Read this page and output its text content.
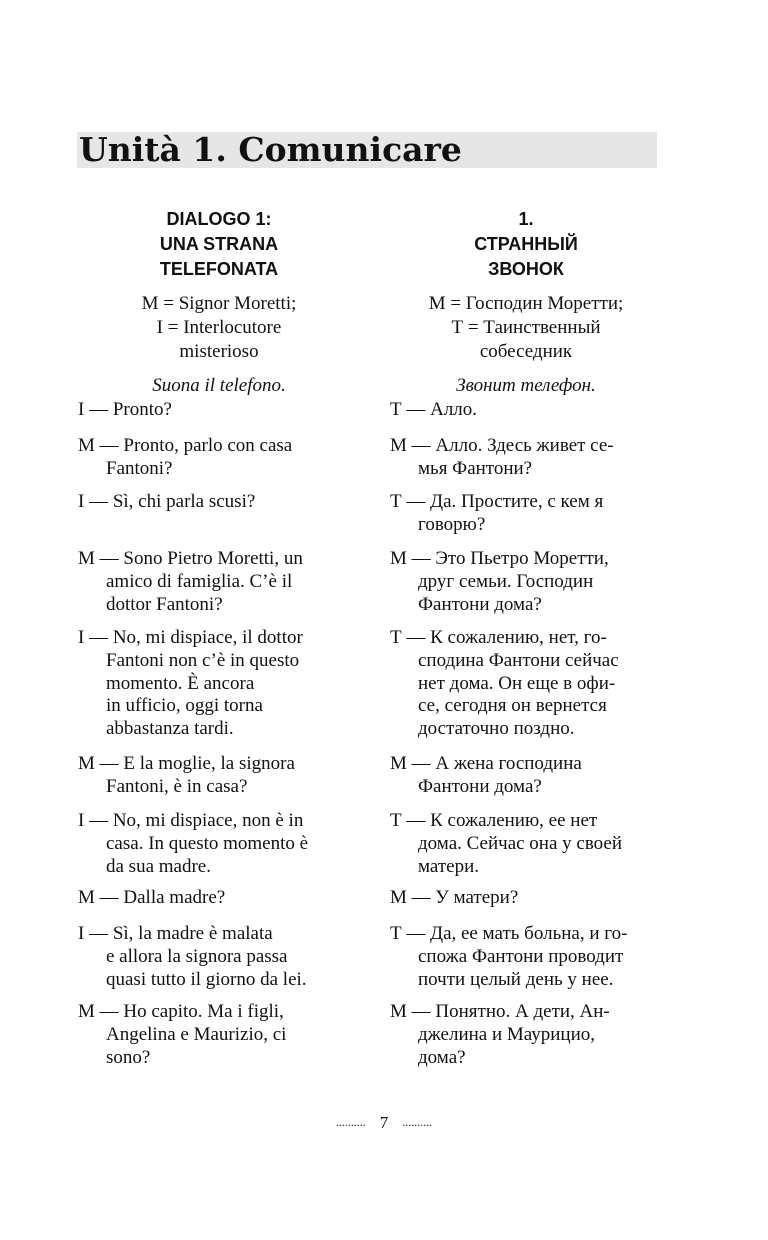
Unità 1. Comunicare
DIALOGO 1:
UNA STRANA
TELEFONATA
M = Signor Moretti;
I = Interlocutore
misterioso
Suona il telefono.
I — Pronto?
M — Pronto, parlo con casa
Fantoni?
I — Sì, chi parla scusi?
M — Sono Pietro Moretti, un
amico di famiglia. C’è il
dottor Fantoni?
I — No, mi dispiace, il dottor
Fantoni non c’è in questo
momento. È ancora
in ufficio, oggi torna
abbastanza tardi.
M — E la moglie, la signora
Fantoni, è in casa?
I — No, mi dispiace, non è in
casa. In questo momento è
da sua madre.
M — Dalla madre?
I — Sì, la madre è malata
e allora la signora passa
quasi tutto il giorno da lei.
M — Ho capito. Ma i figli,
Angelina e Maurizio, ci
sono?
1.
СТРАННЫЙ
ЗВОНОК
М = Господин Моретти;
Т = Таинственный
собеседник
Звонит телефон.
Т — Алло.
М — Алло. Здесь живет се-
мья Фантони?
Т — Да. Простите, с кем я
говорю?
М — Это Пьетро Моретти,
друг семьи. Господин
Фантони дома?
Т — К сожалению, нет, го-
сподина Фантони сейчас
нет дома. Он еще в офи-
се, сегодня он вернется
достаточно поздно.
М — А жена господина
Фантони дома?
Т — К сожалению, ее нет
дома. Сейчас она у своей
матери.
М — У матери?
Т — Да, ее мать больна, и го-
спожа Фантони проводит
почти целый день у нее.
М — Понятно. А дети, Ан-
джелина и Маурицио,
дома?
.......... 7 ..........
